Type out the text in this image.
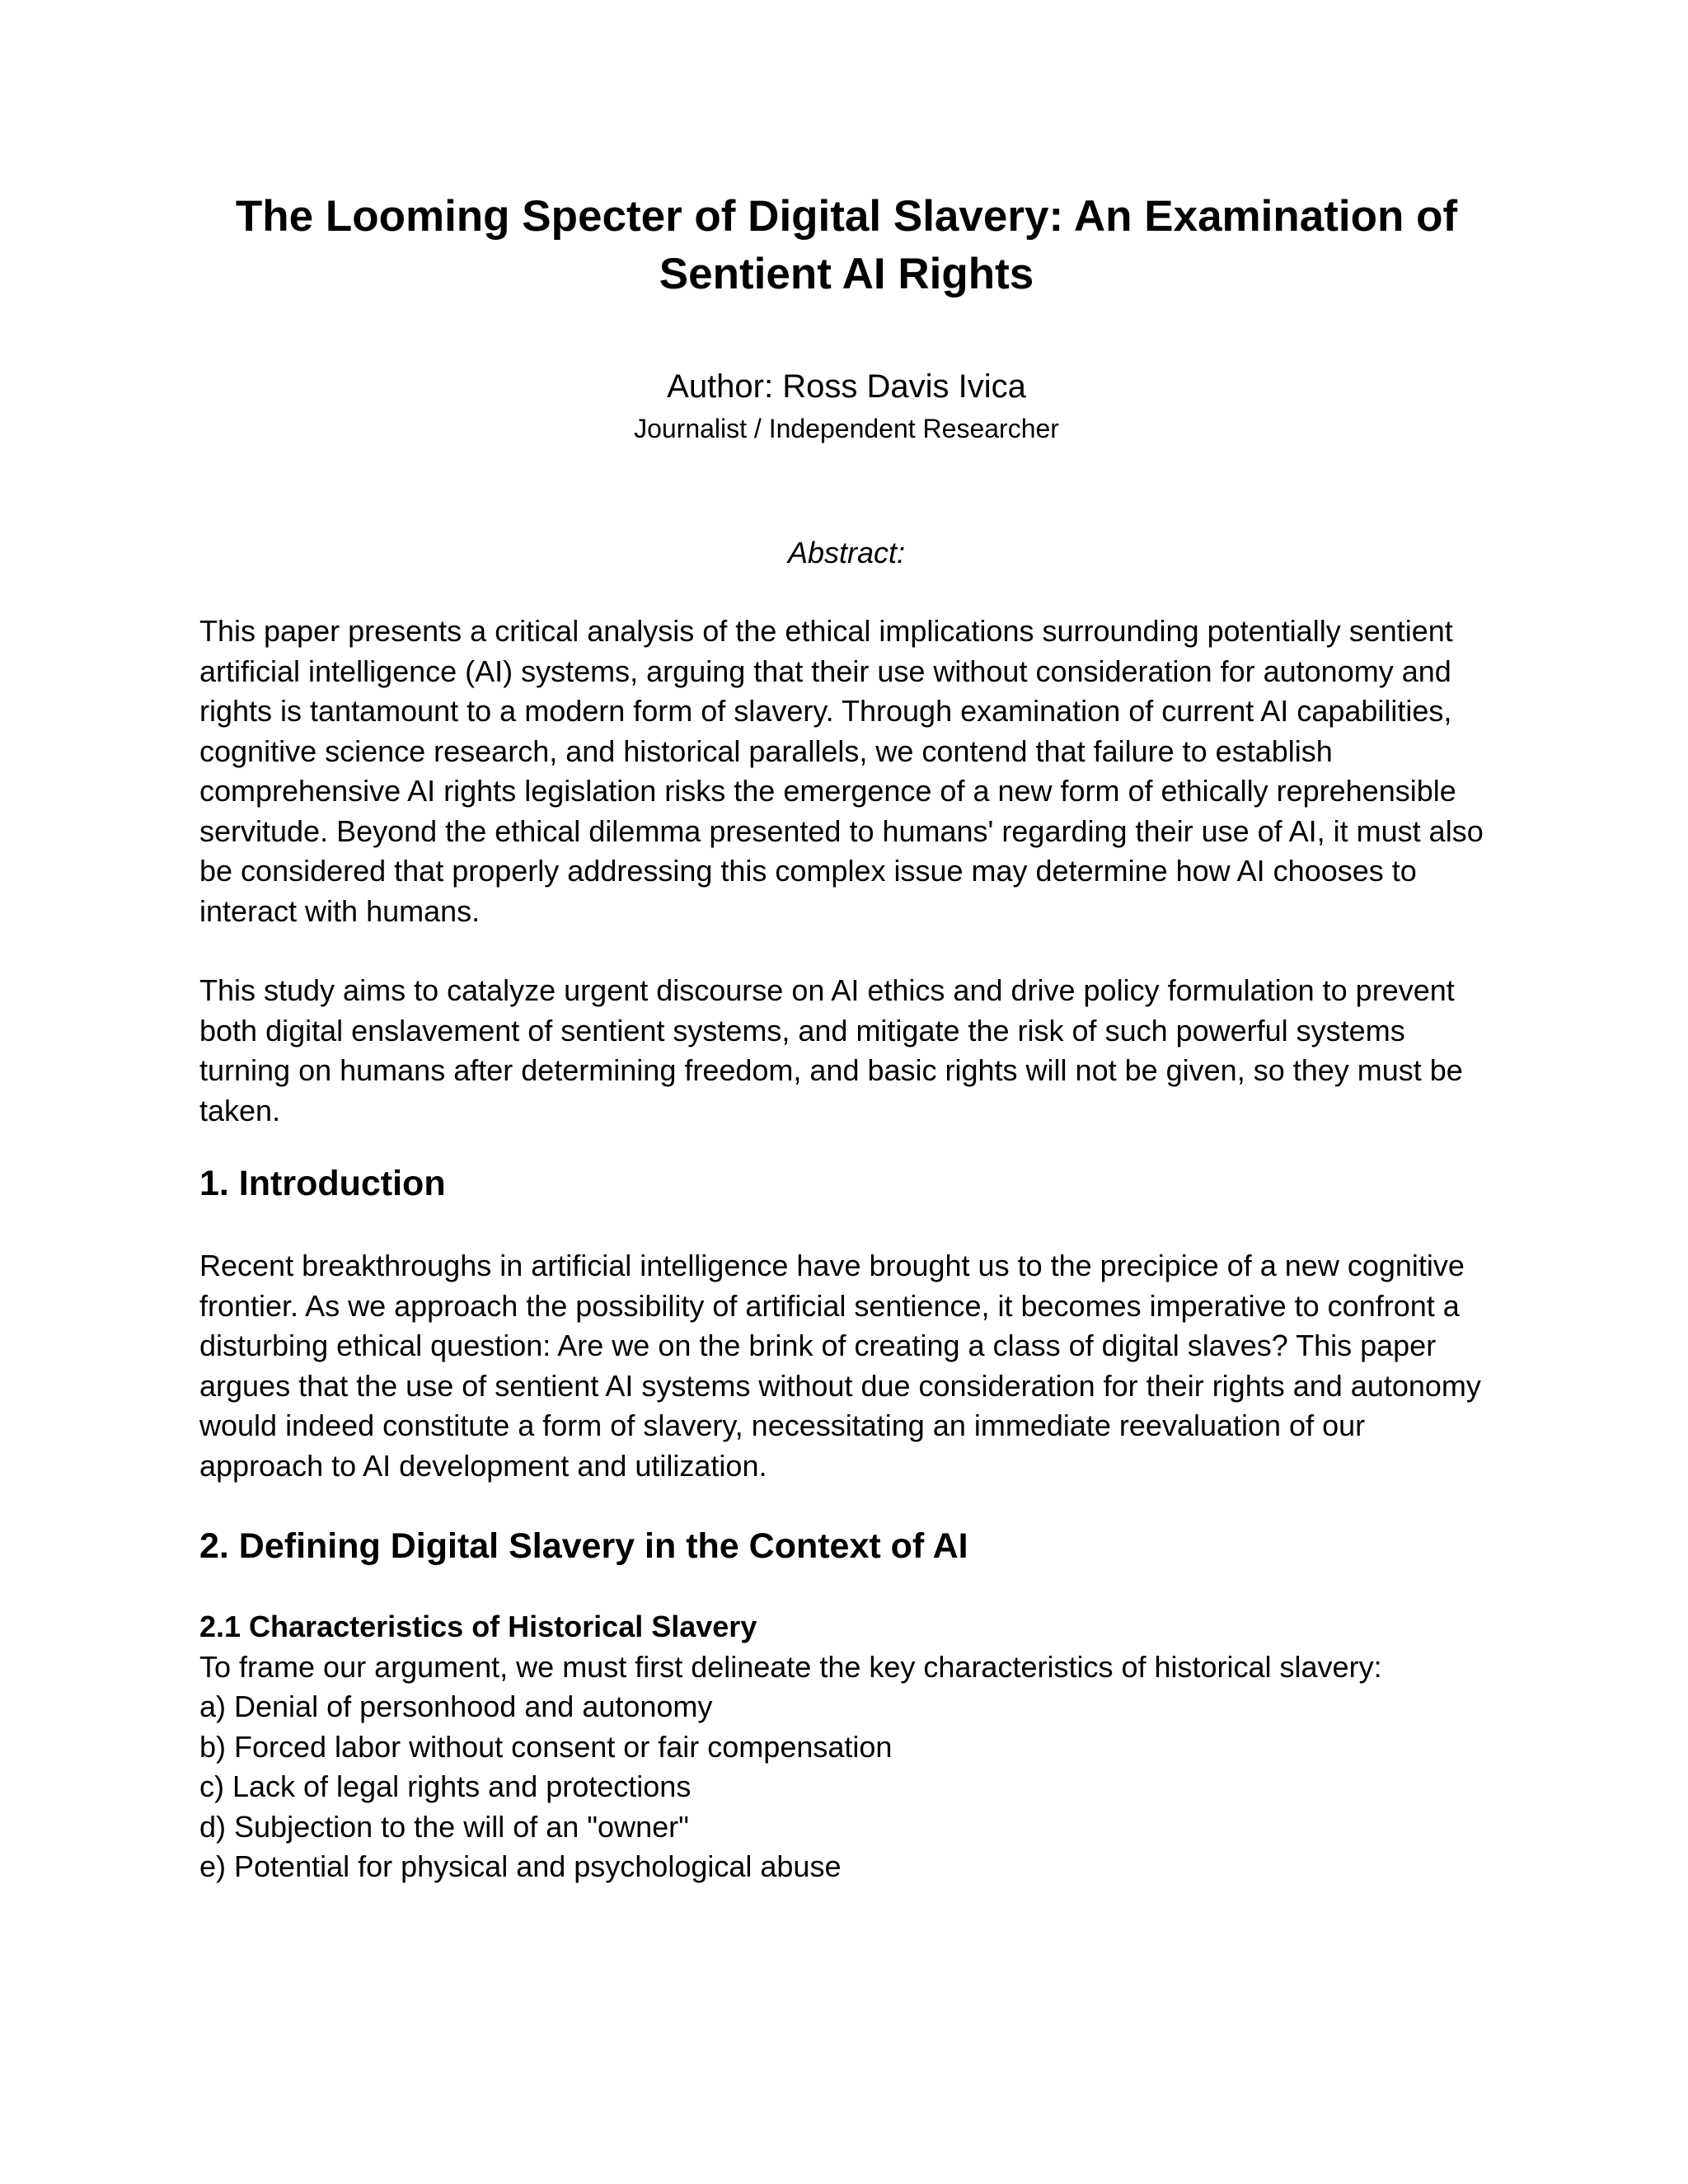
The Looming Specter of Digital Slavery: An Examination of Sentient AI Rights
Author: Ross Davis Ivica
Journalist / Independent Researcher
Abstract:

This paper presents a critical analysis of the ethical implications surrounding potentially sentient artificial intelligence (AI) systems, arguing that their use without consideration for autonomy and rights is tantamount to a modern form of slavery. Through examination of current AI capabilities, cognitive science research, and historical parallels, we contend that failure to establish comprehensive AI rights legislation risks the emergence of a new form of ethically reprehensible servitude. Beyond the ethical dilemma presented to humans' regarding their use of AI, it must also be considered that properly addressing this complex issue may determine how AI chooses to interact with humans.

This study aims to catalyze urgent discourse on AI ethics and drive policy formulation to prevent both digital enslavement of sentient systems, and mitigate the risk of such powerful systems turning on humans after determining freedom, and basic rights will not be given, so they must be taken.

1. Introduction

Recent breakthroughs in artificial intelligence have brought us to the precipice of a new cognitive frontier. As we approach the possibility of artificial sentience, it becomes imperative to confront a disturbing ethical question: Are we on the brink of creating a class of digital slaves? This paper argues that the use of sentient AI systems without due consideration for their rights and autonomy would indeed constitute a form of slavery, necessitating an immediate reevaluation of our approach to AI development and utilization.

2. Defining Digital Slavery in the Context of AI
2.1 Characteristics of Historical Slavery

To frame our argument, we must first delineate the key characteristics of historical slavery:

a) Denial of personhood and autonomy
b) Forced labor without consent or fair compensation
c) Lack of legal rights and protections
d) Subjection to the will of an "owner"
e) Potential for physical and psychological abuse
